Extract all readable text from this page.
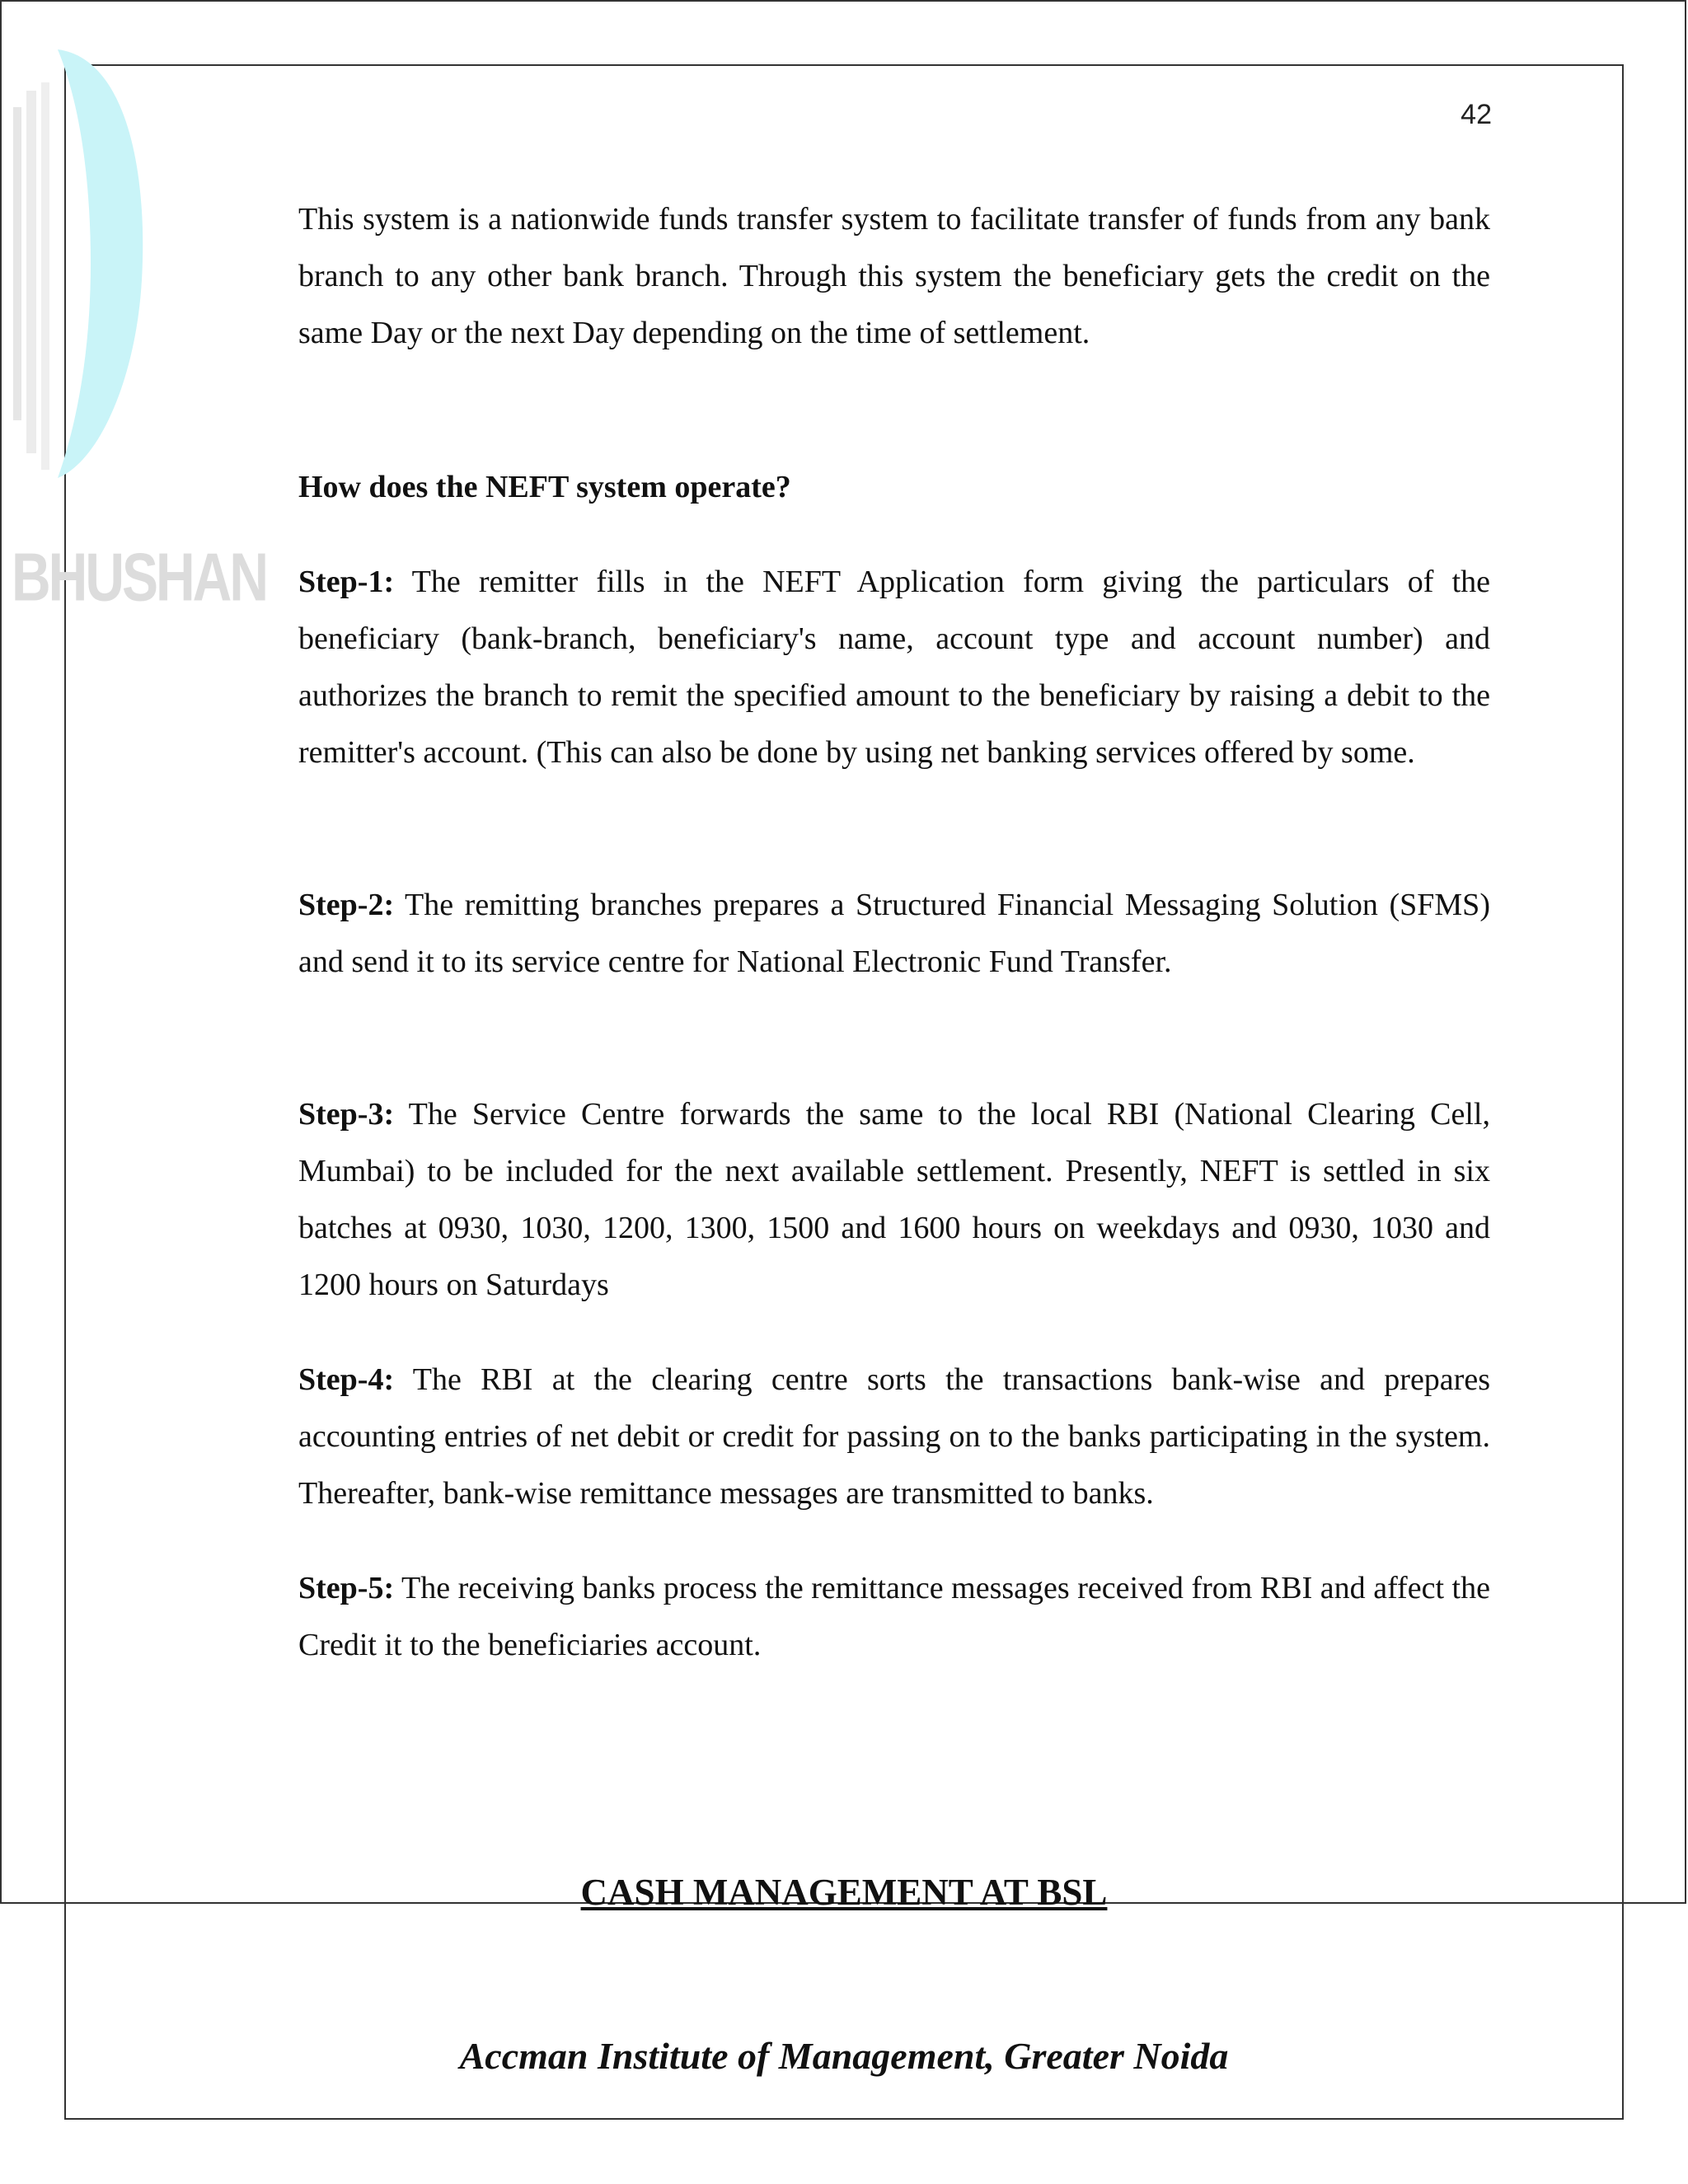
BHUSHAN
42

This system is a nationwide funds transfer system to facilitate transfer of funds from any bank branch to any other bank branch. Through this system the beneficiary gets the credit on the same Day or the next Day depending on the time of settlement.

How does the NEFT system operate?

Step-1: The remitter fills in the NEFT Application form giving the particulars of the beneficiary (bank-branch, beneficiary's name, account type and account number) and authorizes the branch to remit the specified amount to the beneficiary by raising a debit to the remitter's account. (This can also be done by using net banking services offered by some.

Step-2: The remitting branches prepares a Structured Financial Messaging Solution (SFMS) and send it to its service centre for National Electronic Fund Transfer.

Step-3: The Service Centre forwards the same to the local RBI (National Clearing Cell, Mumbai) to be included for the next available settlement. Presently, NEFT is settled in six batches at 0930, 1030, 1200, 1300, 1500 and 1600 hours on weekdays and 0930, 1030 and 1200 hours on Saturdays

Step-4: The RBI at the clearing centre sorts the transactions bank-wise and prepares accounting entries of net debit or credit for passing on to the banks participating in the system. Thereafter, bank-wise remittance messages are transmitted to banks.

Step-5: The receiving banks process the remittance messages received from RBI and affect the Credit it to the beneficiaries account.

CASH MANAGEMENT AT BSL
Accman Institute of Management, Greater Noida
